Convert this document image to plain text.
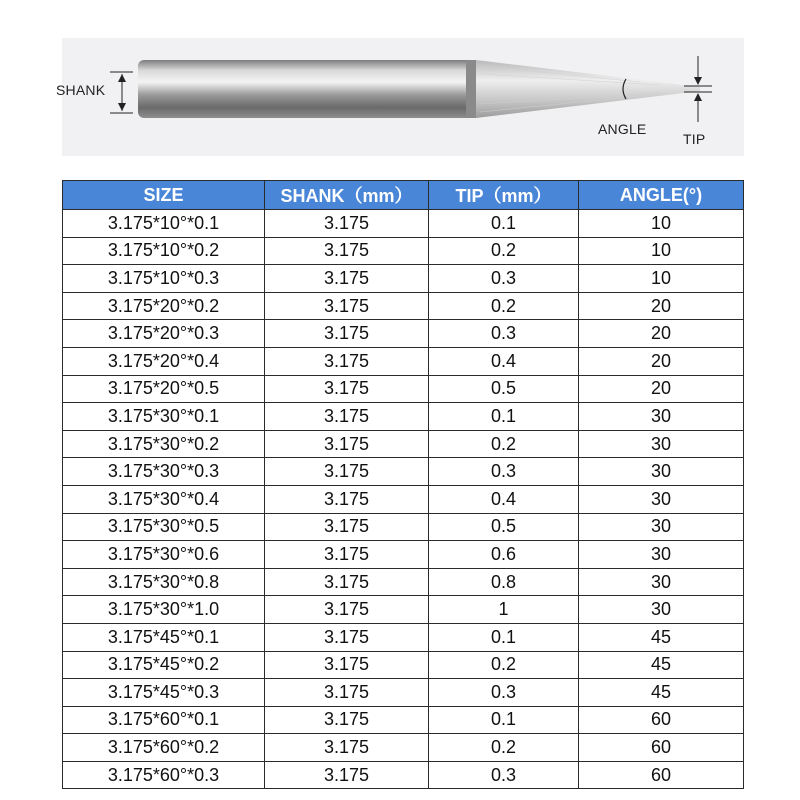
SHANK
ANGLE
TIP
SIZE	SHANK（mm）	TIP（mm）	ANGLE(°)
3.175*10°*0.1	3.175	0.1	10
3.175*10°*0.2	3.175	0.2	10
3.175*10°*0.3	3.175	0.3	10
3.175*20°*0.2	3.175	0.2	20
3.175*20°*0.3	3.175	0.3	20
3.175*20°*0.4	3.175	0.4	20
3.175*20°*0.5	3.175	0.5	20
3.175*30°*0.1	3.175	0.1	30
3.175*30°*0.2	3.175	0.2	30
3.175*30°*0.3	3.175	0.3	30
3.175*30°*0.4	3.175	0.4	30
3.175*30°*0.5	3.175	0.5	30
3.175*30°*0.6	3.175	0.6	30
3.175*30°*0.8	3.175	0.8	30
3.175*30°*1.0	3.175	1	30
3.175*45°*0.1	3.175	0.1	45
3.175*45°*0.2	3.175	0.2	45
3.175*45°*0.3	3.175	0.3	45
3.175*60°*0.1	3.175	0.1	60
3.175*60°*0.2	3.175	0.2	60
3.175*60°*0.3	3.175	0.3	60
